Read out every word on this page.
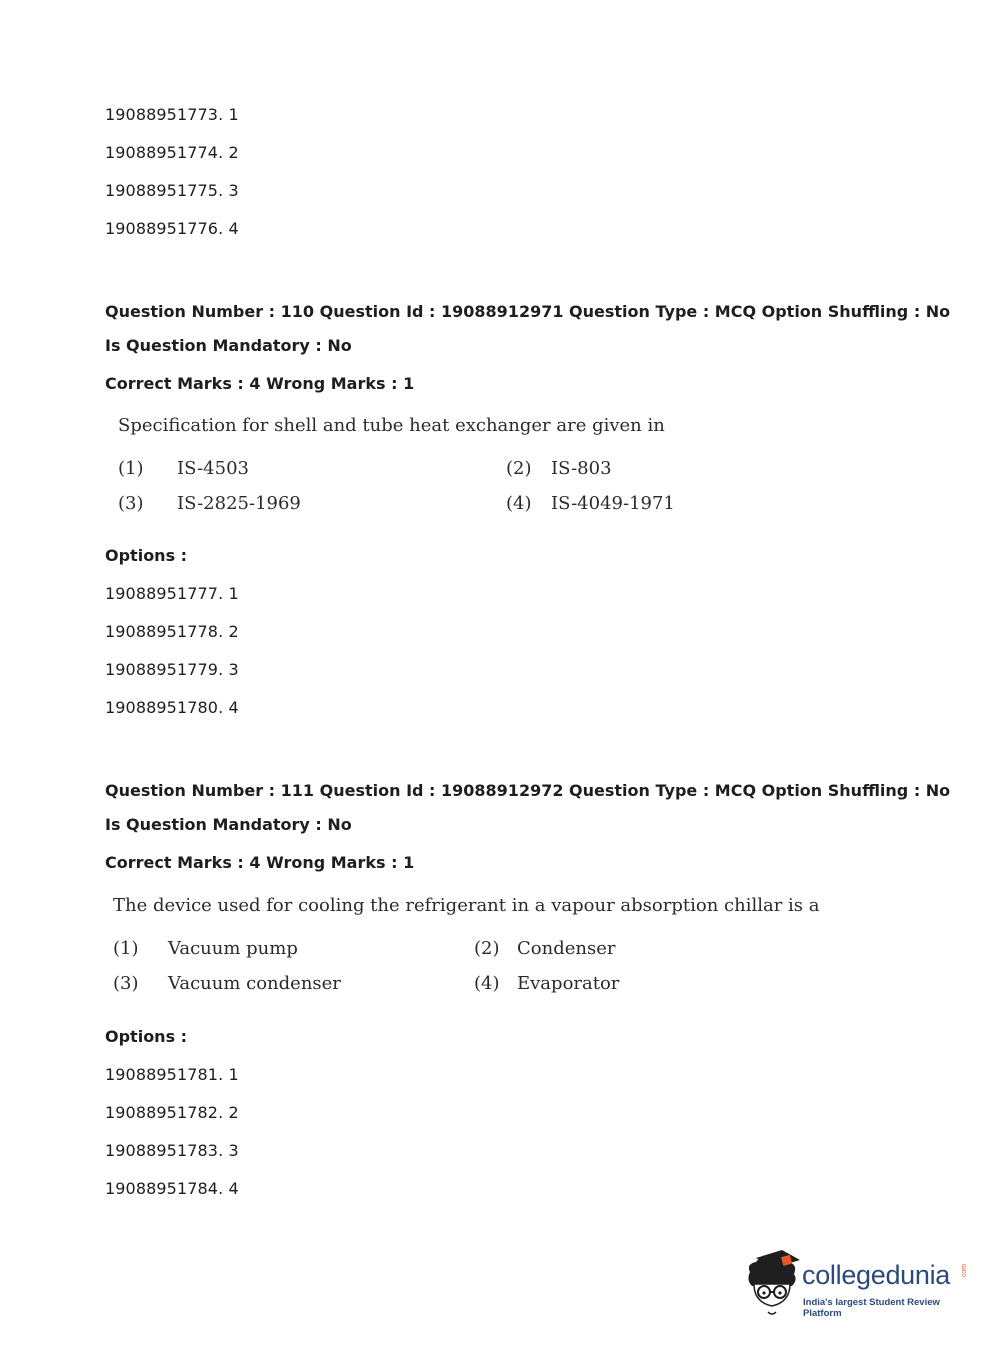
19088951773. 1
19088951774. 2
19088951775. 3
19088951776. 4
Question Number : 110 Question Id : 19088912971 Question Type : MCQ Option Shuffling : No
Is Question Mandatory : No
Correct Marks : 4 Wrong Marks : 1
Specification for shell and tube heat exchanger are given in
(1) IS-4503	(2) IS-803
(3) IS-2825-1969	(4) IS-4049-1971
Options :
19088951777. 1
19088951778. 2
19088951779. 3
19088951780. 4
Question Number : 111 Question Id : 19088912972 Question Type : MCQ Option Shuffling : No
Is Question Mandatory : No
Correct Marks : 4 Wrong Marks : 1
The device used for cooling the refrigerant in a vapour absorption chillar is a
(1) Vacuum pump	(2) Condenser
(3) Vacuum condenser	(4) Evaporator
Options :
19088951781. 1
19088951782. 2
19088951783. 3
19088951784. 4
collegedunia .com
India's largest Student Review Platform
